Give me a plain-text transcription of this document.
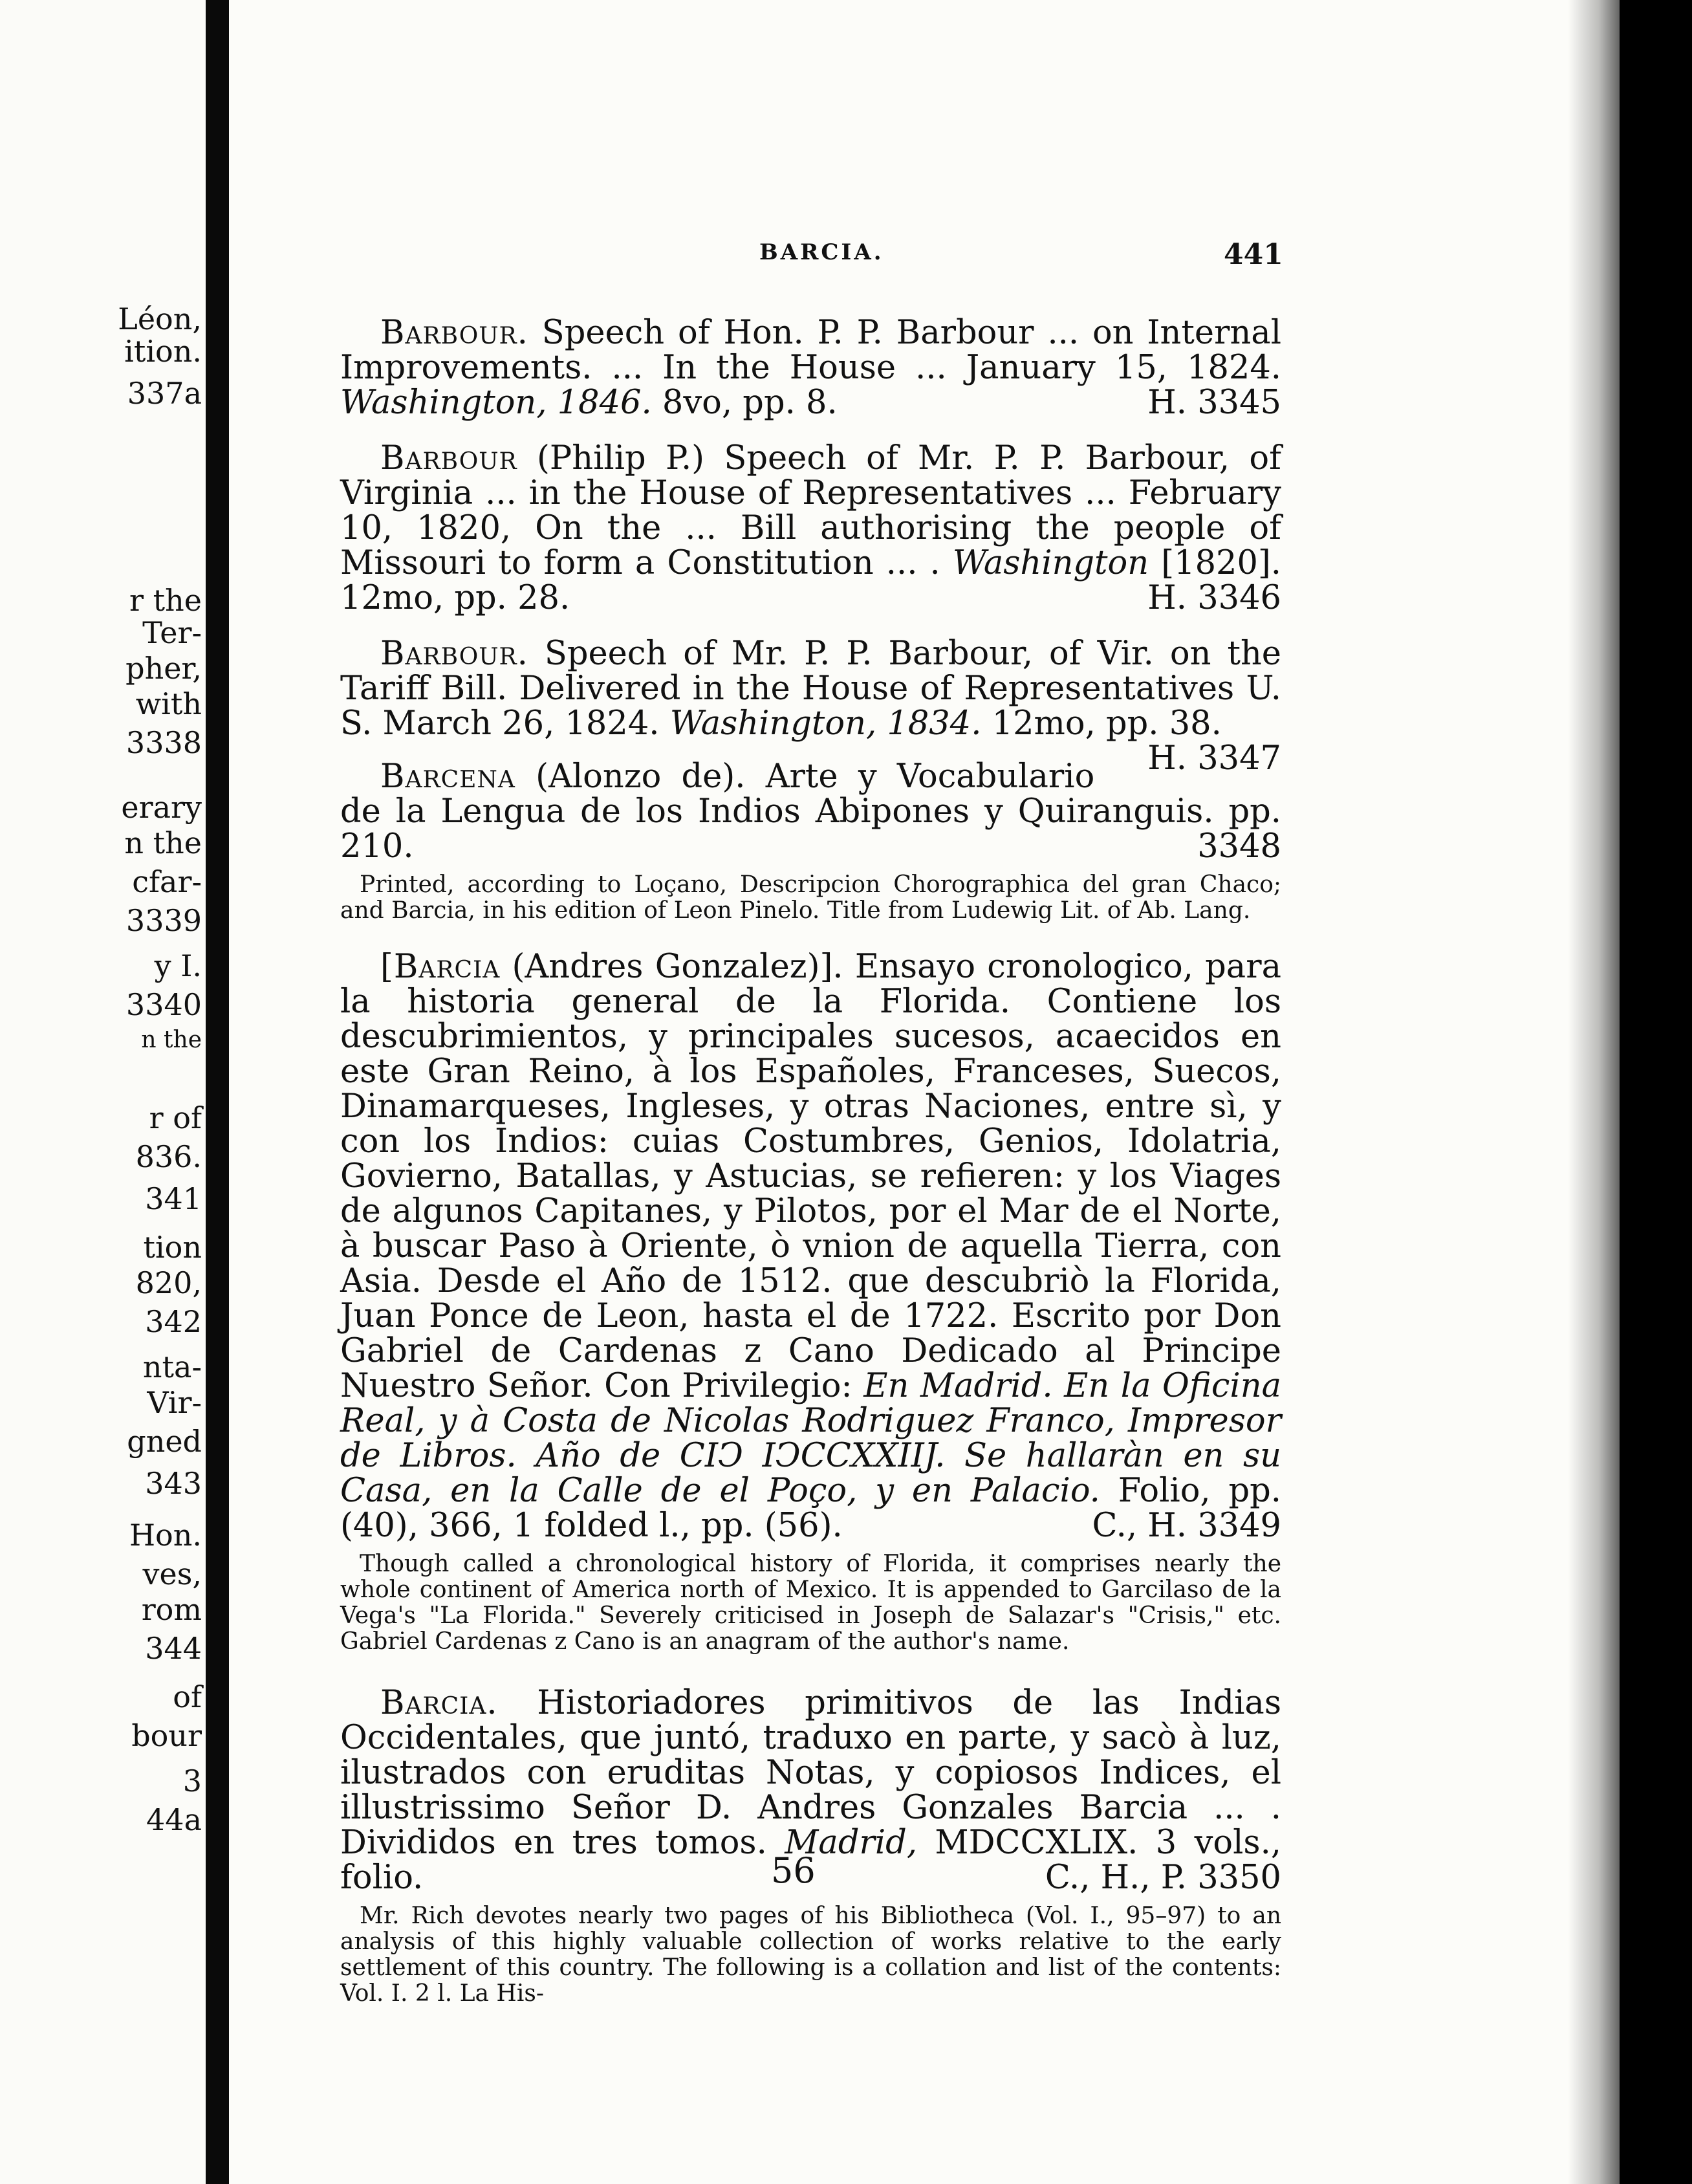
Léon,
ition.
337a
r the
Ter-
pher,
with
3338
erary
n the
cfar-
3339
y I.
3340
n the
r of
836.
341
tion
820,
342
nta-
Vir-
gned
343
Hon.
ves,
rom
344
of
bour
3
44a
BARCIA.	441

Barbour. Speech of Hon. P. P. Barbour ... on Internal Improvements. ... In the House ... January 15, 1824. Washington, 1846. 8vo, pp. 8.	H. 3345

Barbour (Philip P.) Speech of Mr. P. P. Barbour, of Virginia ... in the House of Representatives ... February 10, 1820, On the ... Bill authorising the people of Missouri to form a Constitution ... . Washington [1820]. 12mo, pp. 28.	H. 3346

Barbour. Speech of Mr. P. P. Barbour, of Vir. on the Tariff Bill. Delivered in the House of Representatives U. S. March 26, 1824. Washington, 1834. 12mo, pp. 38.
H. 3347

Barcena (Alonzo de). Arte y Vocabulario de la Lengua de los Indios Abipones y Quiranguis. pp. 210.	3348

Printed, according to Loçano, Descripcion Chorographica del gran Chaco; and Barcia, in his edition of Leon Pinelo. Title from Ludewig Lit. of Ab. Lang.

[Barcia (Andres Gonzalez)]. Ensayo cronologico, para la historia general de la Florida. Contiene los descubrimientos, y principales sucesos, acaecidos en este Gran Reino, à los Españoles, Franceses, Suecos, Dinamarqueses, Ingleses, y otras Naciones, entre sì, y con los Indios: cuias Costumbres, Genios, Idolatria, Govierno, Batallas, y Astucias, se refieren: y los Viages de algunos Capitanes, y Pilotos, por el Mar de el Norte, à buscar Paso à Oriente, ò vnion de aquella Tierra, con Asia. Desde el Año de 1512. que descubriò la Florida, Juan Ponce de Leon, hasta el de 1722. Escrito por Don Gabriel de Cardenas z Cano Dedicado al Principe Nuestro Señor. Con Privilegio: En Madrid. En la Oficina Real, y à Costa de Nicolas Rodriguez Franco, Impresor de Libros. Año de CIↃ IↃCCXXIIJ. Se hallaràn en su Casa, en la Calle de el Poço, y en Palacio. Folio, pp. (40), 366, 1 folded l., pp. (56).	C., H. 3349

Though called a chronological history of Florida, it comprises nearly the whole continent of America north of Mexico. It is appended to Garcilaso de la Vega's "La Florida." Severely criticised in Joseph de Salazar's "Crisis," etc. Gabriel Cardenas z Cano is an anagram of the author's name.

Barcia. Historiadores primitivos de las Indias Occidentales, que juntó, traduxo en parte, y sacò à luz, ilustrados con eruditas Notas, y copiosos Indices, el illustrissimo Señor D. Andres Gonzales Barcia ... . Divididos en tres tomos. Madrid, MDCCXLIX. 3 vols., folio.	C., H., P. 3350

Mr. Rich devotes nearly two pages of his Bibliotheca (Vol. I., 95–97) to an analysis of this highly valuable collection of works relative to the early settlement of this country. The following is a collation and list of the contents: Vol. I. 2 l. La His-

56
